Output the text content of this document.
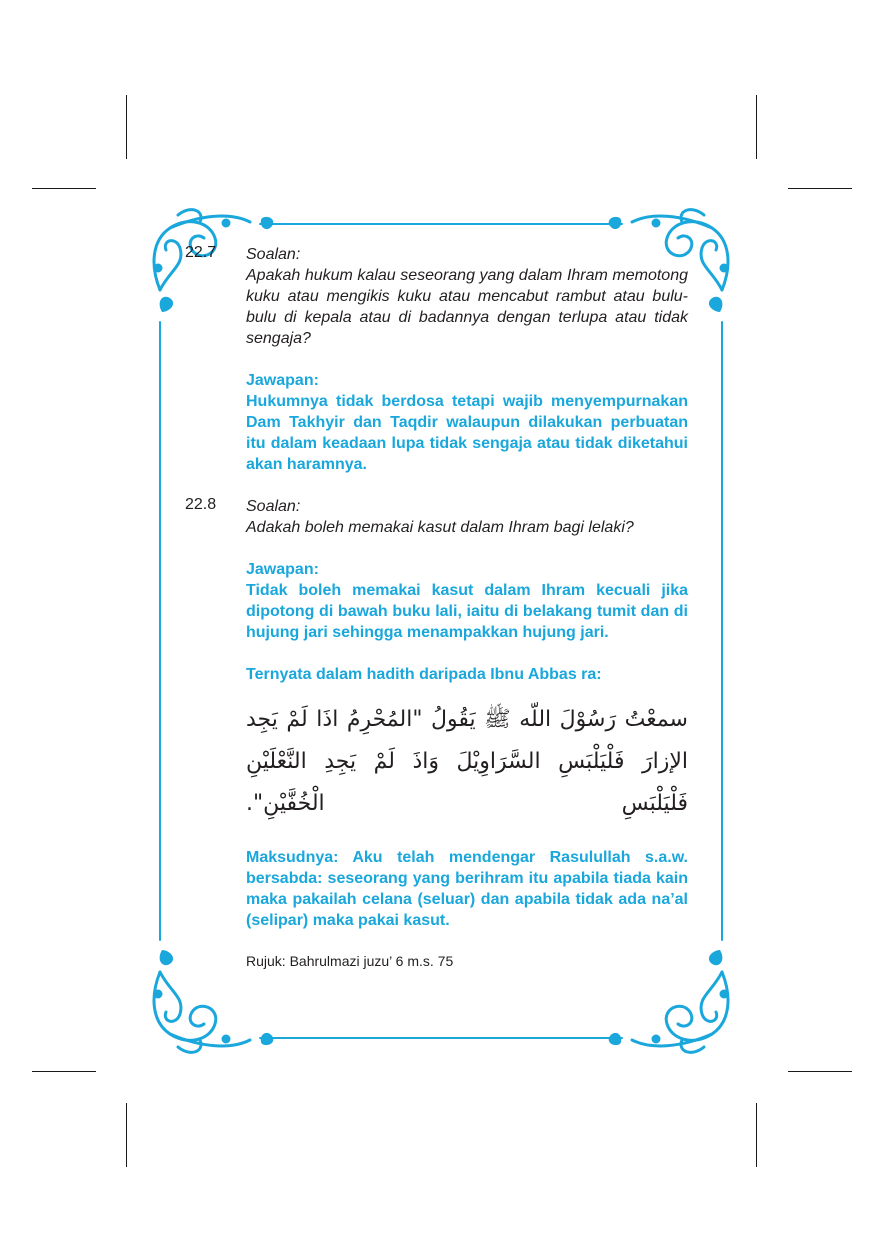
22.7 Soalan:
Apakah hukum kalau seseorang yang dalam Ihram memotong kuku atau mengikis kuku atau mencabut rambut atau bulu-bulu di kepala atau di badannya dengan terlupa atau tidak sengaja?
Jawapan:
Hukumnya tidak berdosa tetapi wajib menyempurnakan Dam Takhyir dan Taqdir walaupun dilakukan perbuatan itu dalam keadaan lupa tidak sengaja atau tidak diketahui akan haramnya.
22.8 Soalan:
Adakah boleh memakai kasut dalam Ihram bagi lelaki?
Jawapan:
Tidak boleh memakai kasut dalam Ihram kecuali jika dipotong di bawah buku lali, iaitu di belakang tumit dan di hujung jari sehingga menampakkan hujung jari.
Ternyata dalam hadith daripada Ibnu Abbas ra:
سمعْتُ رَسُوْلَ اللّه ﷺ يَقُولُ "المُحْرِمُ اذَا لَمْ يَجِد الإزارَ فَلْيَلْبَسِ السَّرَاوِيْلَ وَاذَ لَمْ يَجِدِ النَّعْلَيْنِ فَلْيَلْبَسِ الْخُفَّيْنِ".
Maksudnya: Aku telah mendengar Rasulullah s.a.w. bersabda: seseorang yang berihram itu apabila tiada kain maka pakailah celana (seluar) dan apabila tidak ada na’al (selipar) maka pakai kasut.
Rujuk: Bahrulmazi juzu’ 6 m.s. 75
